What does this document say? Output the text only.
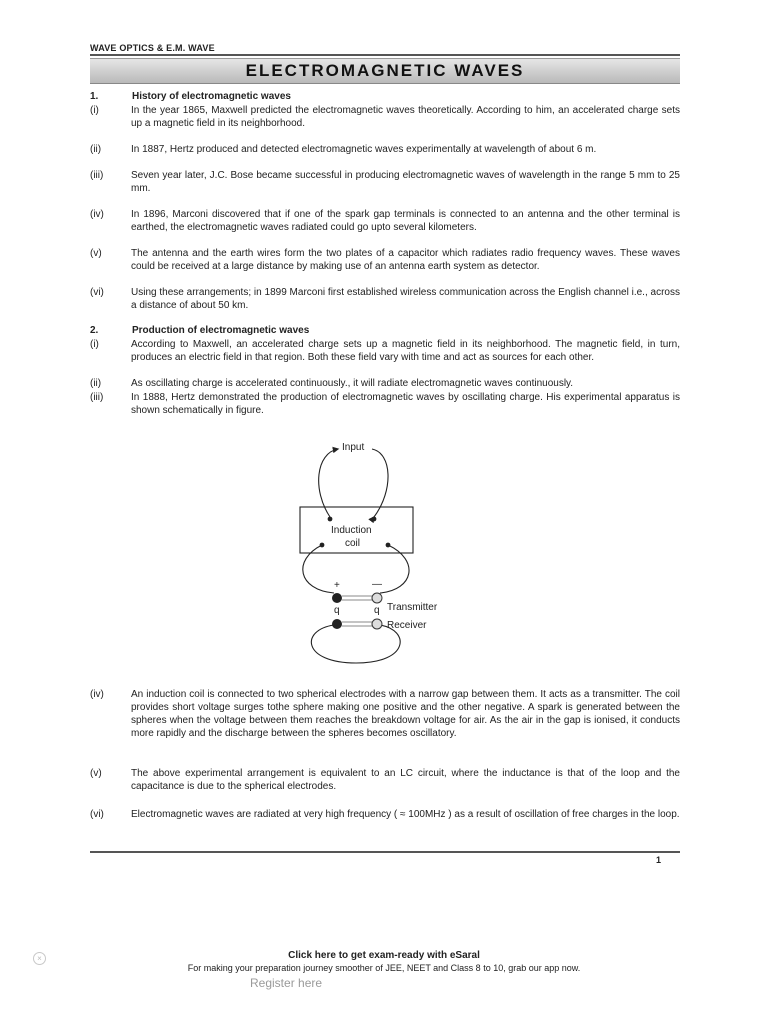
WAVE OPTICS & E.M. WAVE
ELECTROMAGNETIC WAVES
1.	History of electromagnetic waves
(i)	In the year 1865, Maxwell predicted the electromagnetic waves theoretically. According to him, an accelerated charge sets up a magnetic field in its neighborhood.
(ii)	In 1887, Hertz produced and detected electromagnetic waves experimentally at wavelength of about 6 m.
(iii)	Seven year later, J.C. Bose became successful in producing electromagnetic waves of wavelength in the range 5 mm to 25 mm.
(iv)	In 1896, Marconi discovered that if one of the spark gap terminals is connected to an antenna and the other terminal is earthed, the electromagnetic waves radiated could go upto several kilometers.
(v)	The antenna and the earth wires form the two plates of a capacitor which radiates radio frequency waves. These waves could be received at a large distance by making use of an antenna earth system as detector.
(vi)	Using these arrangements; in 1899 Marconi first established wireless communication across the English channel i.e., across a distance of about 50 km.
2.	Production of electromagnetic waves
(i)	According to Maxwell, an accelerated charge sets up a magnetic field in its neighborhood. The magnetic field, in turn, produces an electric field in that region. Both these field vary with time and act as sources for each other.
(ii)	As oscillating charge is accelerated continuously., it will radiate electromagnetic waves continuously.
(iii)	In 1888, Hertz demonstrated the production of electromagnetic waves by oscillating charge. His experimental apparatus is shown schematically in figure.
Input
Induction
coil
+	—
q	q Transmitter
Receiver
(iv)	An induction coil is connected to two spherical electrodes with a narrow gap between them. It acts as a transmitter. The coil provides short voltage surges tothe sphere making one positive and the other negative. A spark is generated between the spheres when the voltage between them reaches the breakdown voltage for air. As the air in the gap is ionised, it conducts more rapidly and the discharge between the spheres becomes oscillatory.
(v)	The above experimental arrangement is equivalent to an LC circuit, where the inductance is that of the loop and the capacitance is due to the spherical electrodes.
(vi)	Electromagnetic waves are radiated at very high frequency ( ≈ 100MHz ) as a result of oscillation of free charges in the loop.
1
×	Click here to get exam-ready with eSaral
For making your preparation journey smoother of JEE, NEET and Class 8 to 10, grab our app now.
Register here
